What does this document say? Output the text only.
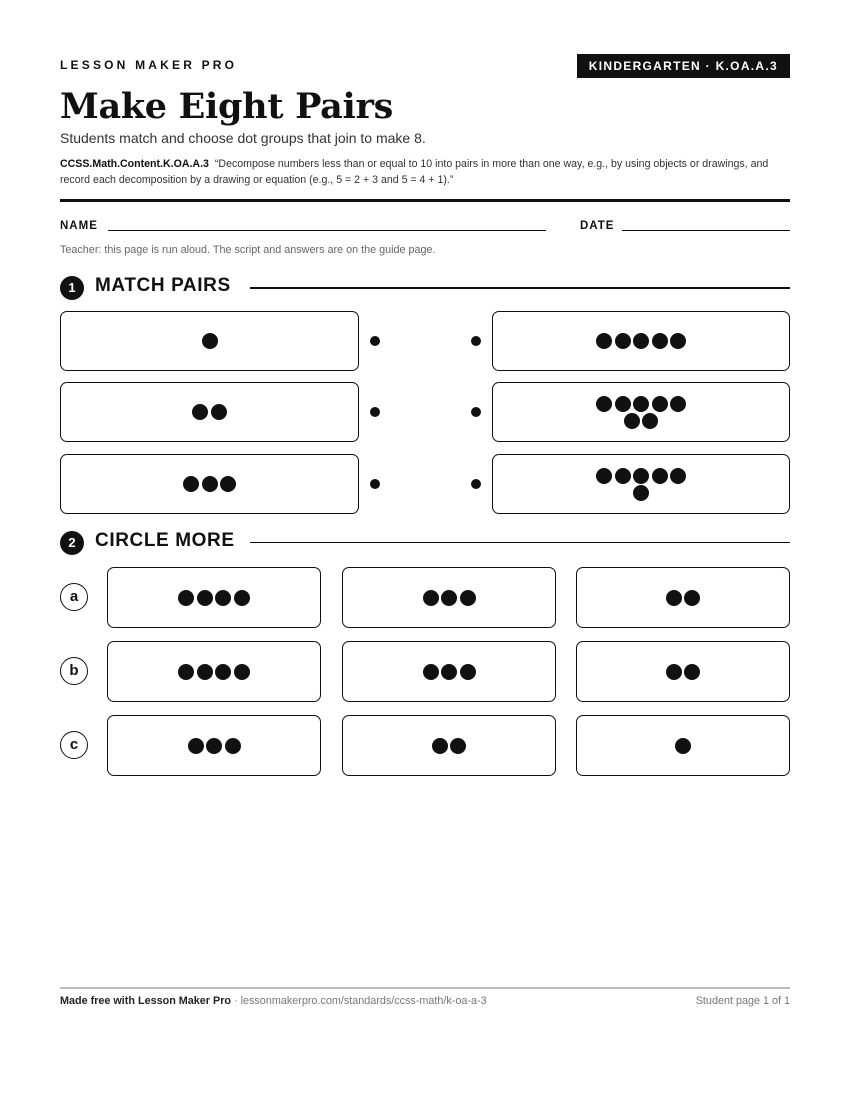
LESSON MAKER PRO	KINDERGARTEN · K.OA.A.3
Make Eight Pairs
Students match and choose dot groups that join to make 8.
CCSS.Math.Content.K.OA.A.3 “Decompose numbers less than or equal to 10 into pairs in more than one way, e.g., by using objects or drawings, and record each decomposition by a drawing or equation (e.g., 5 = 2 + 3 and 5 = 4 + 1).”
NAME	DATE
Teacher: this page is run aloud. The script and answers are on the guide page.
1	MATCH PAIRS
2	CIRCLE MORE
a
b
c
Made free with Lesson Maker Pro · lessonmakerpro.com/standards/ccss-math/k-oa-a-3	Student page 1 of 1
